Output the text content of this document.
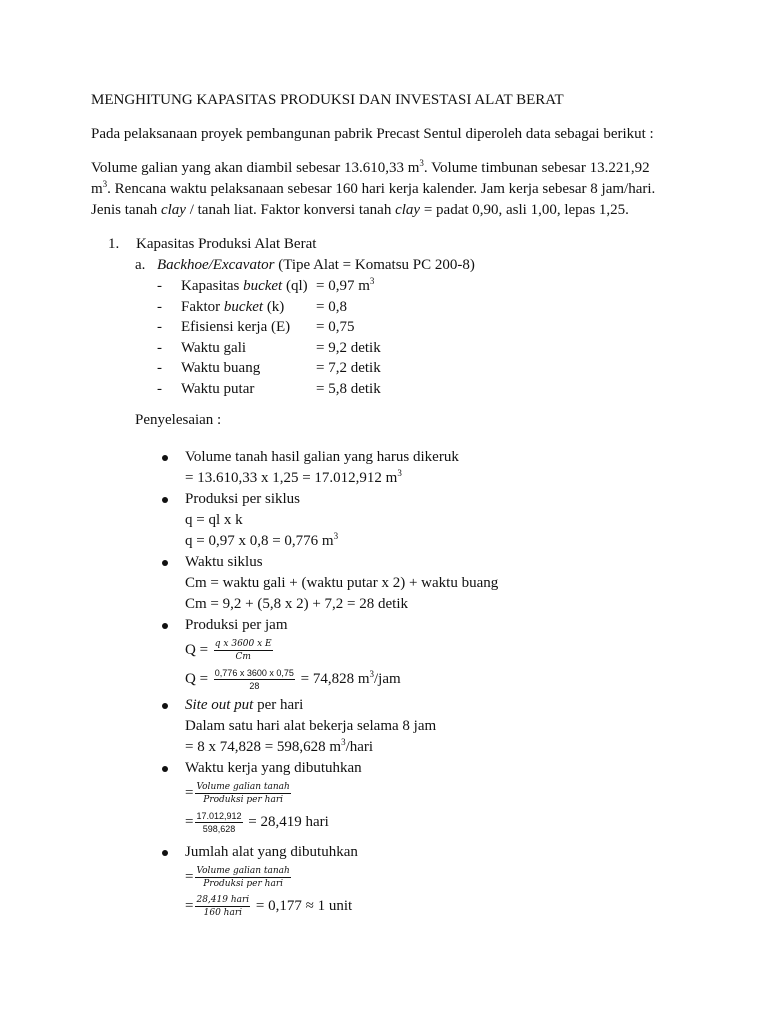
MENGHITUNG KAPASITAS PRODUKSI DAN INVESTASI ALAT BERAT
Pada pelaksanaan proyek pembangunan pabrik Precast Sentul diperoleh data sebagai berikut :
Volume galian yang akan diambil sebesar 13.610,33 $m^3$. Volume timbunan sebesar 13.221,92
$m^3$. Rencana waktu pelaksanaan sebesar 160 hari kerja kalender. Jam kerja sebesar 8 jam/hari.
Jenis tanah clay / tanah liat. Faktor konversi tanah clay = padat 0,90, asli 1,00, lepas 1,25.
1. Kapasitas Produksi Alat Berat
a. Backhoe/Excavator (Tipe Alat = Komatsu PC 200-8)
- Kapasitas bucket (ql) = 0,97 $m^3$
- Faktor bucket (k) = 0,8
- Efisiensi kerja (E) = 0,75
- Waktu gali	= 9,2 detik
- Waktu buang	= 7,2 detik
- Waktu putar	= 5,8 detik
Penyelesaian :
Volume tanah hasil galian yang harus dikeruk
= 13.610,33 x 1,25 = 17.012,912 $m^3$
Produksi per siklus
q = ql x k
q = 0,97 x 0,8 = 0,776 $m^3$
Waktu siklus
Cm = waktu gali + (waktu putar x 2) + waktu buang
Cm = 9,2 + (5,8 x 2) + 7,2 = 28 detik
Produksi per jam
$Q = \frac{\text{q x 3600 x E}}{Cm}$
$Q = \frac{0,776 x 3600 x 0,75}{28} = 74,828$ $m^3$/jam
Site out put per hari
Dalam satu hari alat bekerja selama 8 jam
= 8 x 74,828 = 598,628 $m^3$/hari
Waktu kerja yang dibutuhkan
= $\frac{\text{Volume galian tanah}}{\text{Produksi per hari}}$
= $\frac{17.012,912}{598,628} = 28,419$ hari
Jumlah alat yang dibutuhkan
= $\frac{\text{Volume galian tanah}}{\text{Produksi per hari}}$
= $\frac{\text{28,419 hari}}{\text{160 hari}} = 0,177 \approx 1$ unit
